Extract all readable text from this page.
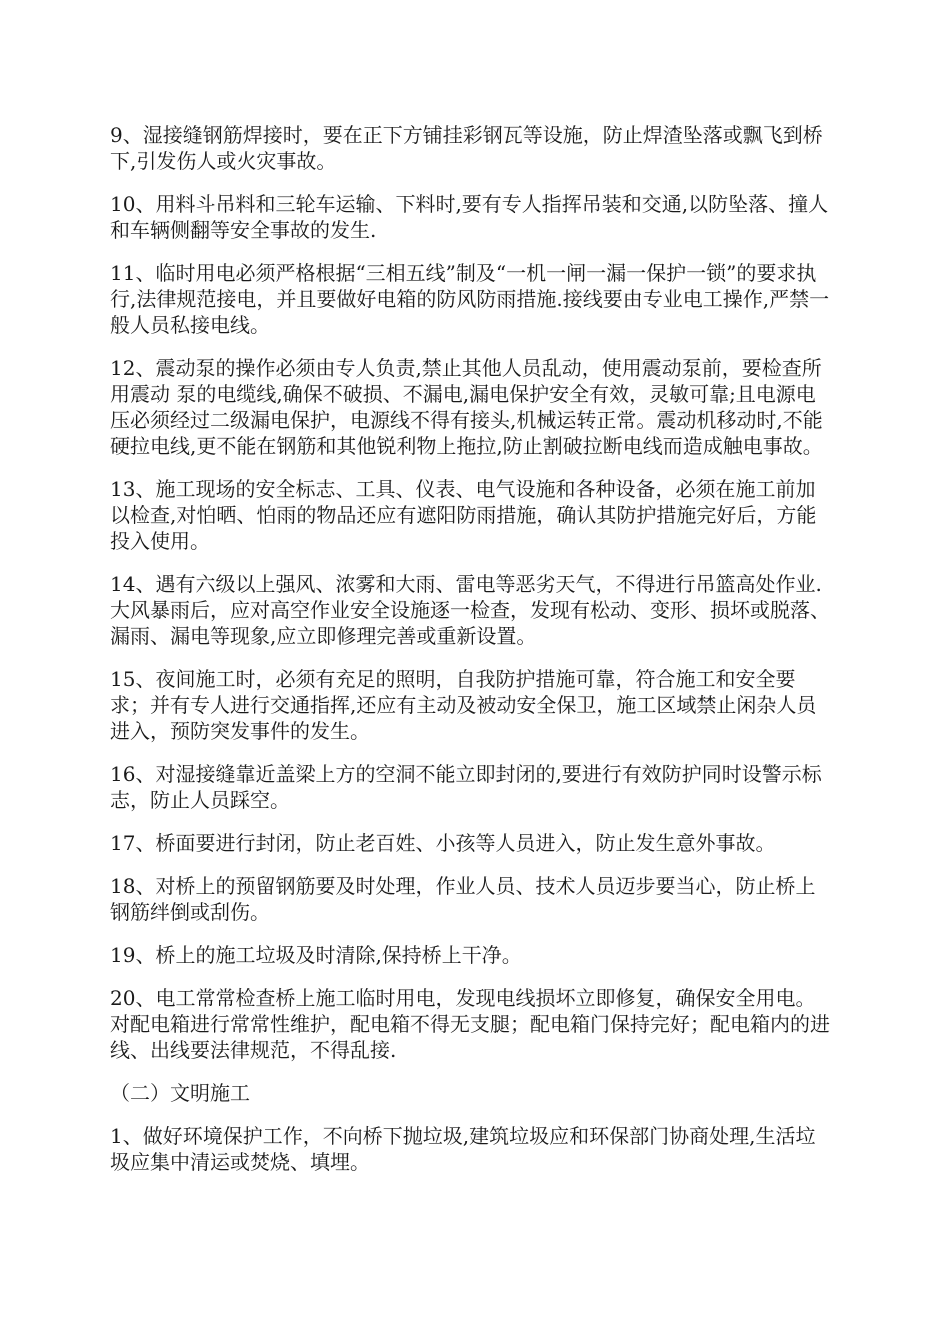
9、湿接缝钢筋焊接时，要在正下方铺挂彩钢瓦等设施，防止焊渣坠落或飘飞到桥下,引发伤人或火灾事故。

10、用料斗吊料和三轮车运输、下料时,要有专人指挥吊装和交通,以防坠落、撞人和车辆侧翻等安全事故的发生.

11、临时用电必须严格根据“三相五线”制及“一机一闸一漏一保护一锁”的要求执行,法律规范接电，并且要做好电箱的防风防雨措施.接线要由专业电工操作,严禁一般人员私接电线。

12、震动泵的操作必须由专人负责,禁止其他人员乱动，使用震动泵前，要检查所用震动 泵的电缆线,确保不破损、不漏电,漏电保护安全有效，灵敏可靠;且电源电压必须经过二级漏电保护，电源线不得有接头,机械运转正常。震动机移动时,不能硬拉电线,更不能在钢筋和其他锐利物上拖拉,防止割破拉断电线而造成触电事故。

13、施工现场的安全标志、工具、仪表、电气设施和各种设备，必须在施工前加以检查,对怕晒、怕雨的物品还应有遮阳防雨措施，确认其防护措施完好后，方能投入使用。

14、遇有六级以上强风、浓雾和大雨、雷电等恶劣天气，不得进行吊篮高处作业.大风暴雨后，应对高空作业安全设施逐一检查，发现有松动、变形、损坏或脱落、漏雨、漏电等现象,应立即修理完善或重新设置。

15、夜间施工时，必须有充足的照明，自我防护措施可靠，符合施工和安全要求；并有专人进行交通指挥,还应有主动及被动安全保卫，施工区域禁止闲杂人员进入，预防突发事件的发生。

16、对湿接缝靠近盖梁上方的空洞不能立即封闭的,要进行有效防护同时设警示标志，防止人员踩空。

17、桥面要进行封闭，防止老百姓、小孩等人员进入，防止发生意外事故。

18、对桥上的预留钢筋要及时处理，作业人员、技术人员迈步要当心，防止桥上钢筋绊倒或刮伤。

19、桥上的施工垃圾及时清除,保持桥上干净。

20、电工常常检查桥上施工临时用电，发现电线损坏立即修复，确保安全用电。对配电箱进行常常性维护，配电箱不得无支腿；配电箱门保持完好；配电箱内的进线、出线要法律规范，不得乱接.

（二）文明施工

1、做好环境保护工作，不向桥下抛垃圾,建筑垃圾应和环保部门协商处理,生活垃圾应集中清运或焚烧、填埋。
